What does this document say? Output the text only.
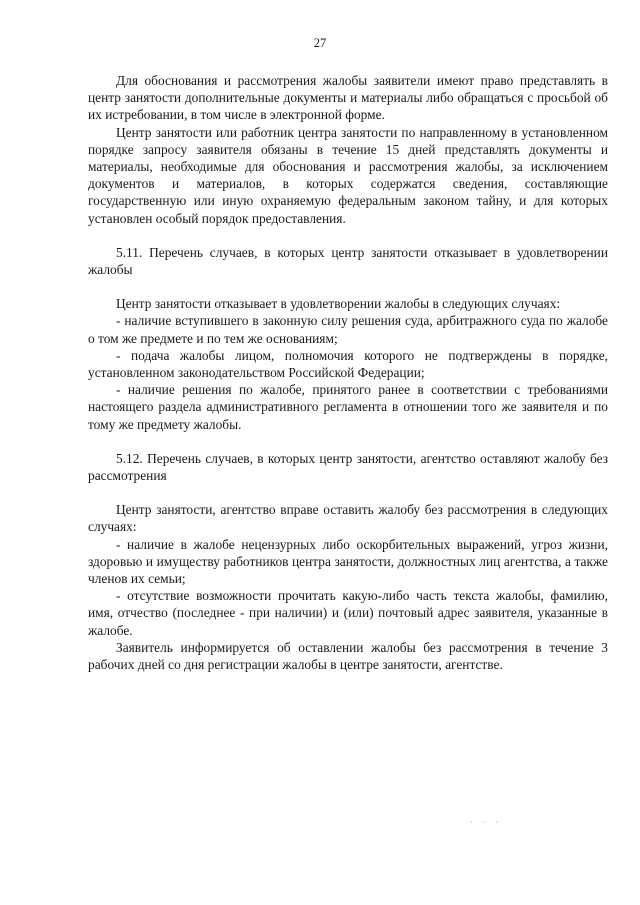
27

Для обоснования и рассмотрения жалобы заявители имеют право представлять в центр занятости дополнительные документы и материалы либо обращаться с просьбой об их истребовании, в том числе в электронной форме.

Центр занятости или работник центра занятости по направленному в установленном порядке запросу заявителя обязаны в течение 15 дней представлять документы и материалы, необходимые для обоснования и рассмотрения жалобы, за исключением документов и материалов, в которых содержатся сведения, составляющие государственную или иную охраняемую федеральным законом тайну, и для которых установлен особый порядок предоставления.

5.11. Перечень случаев, в которых центр занятости отказывает в удовлетворении жалобы

Центр занятости отказывает в удовлетворении жалобы в следующих случаях:

- наличие вступившего в законную силу решения суда, арбитражного суда по жалобе о том же предмете и по тем же основаниям;

- подача жалобы лицом, полномочия которого не подтверждены в порядке, установленном законодательством Российской Федерации;

- наличие решения по жалобе, принятого ранее в соответствии с требованиями настоящего раздела административного регламента в отношении того же заявителя и по тому же предмету жалобы.

5.12. Перечень случаев, в которых центр занятости, агентство оставляют жалобу без рассмотрения

Центр занятости, агентство вправе оставить жалобу без рассмотрения в следующих случаях:

- наличие в жалобе нецензурных либо оскорбительных выражений, угроз жизни, здоровью и имуществу работников центра занятости, должностных лиц агентства, а также членов их семьи;

- отсутствие возможности прочитать какую-либо часть текста жалобы, фамилию, имя, отчество (последнее - при наличии) и (или) почтовый адрес заявителя, указанные в жалобе.

Заявитель информируется об оставлении жалобы без рассмотрения в течение 3 рабочих дней со дня регистрации жалобы в центре занятости, агентстве.

· · ·
